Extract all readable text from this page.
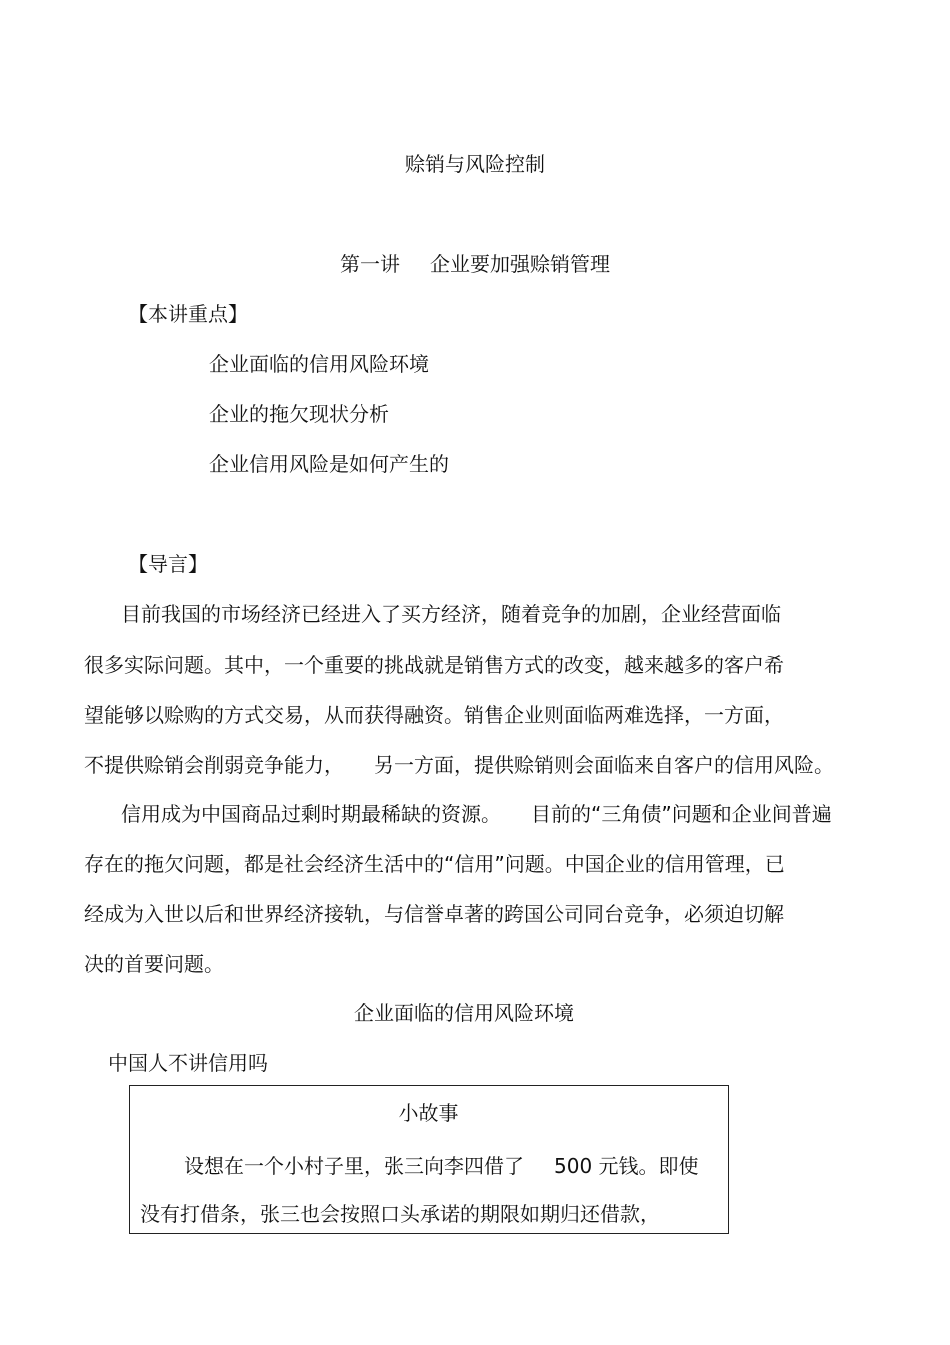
赊销与风险控制
第一讲 企业要加强赊销管理
【本讲重点】
企业面临的信用风险环境
企业的拖欠现状分析
企业信用风险是如何产生的
【导言】
目前我国的市场经济已经进入了买方经济，随着竞争的加剧，企业经营面临
很多实际问题。其中，一个重要的挑战就是销售方式的改变，越来越多的客户希
望能够以赊购的方式交易，从而获得融资。销售企业则面临两难选择，一方面，
不提供赊销会削弱竞争能力， 另一方面，提供赊销则会面临来自客户的信用风险。
信用成为中国商品过剩时期最稀缺的资源。 目前的“三角债”问题和企业间普遍
存在的拖欠问题，都是社会经济生活中的“信用”问题。中国企业的信用管理，已
经成为入世以后和世界经济接轨，与信誉卓著的跨国公司同台竞争，必须迫切解
决的首要问题。
企业面临的信用风险环境
中国人不讲信用吗
小故事
设想在一个小村子里，张三向李四借了 500 元钱。即使
没有打借条，张三也会按照口头承诺的期限如期归还借款，
